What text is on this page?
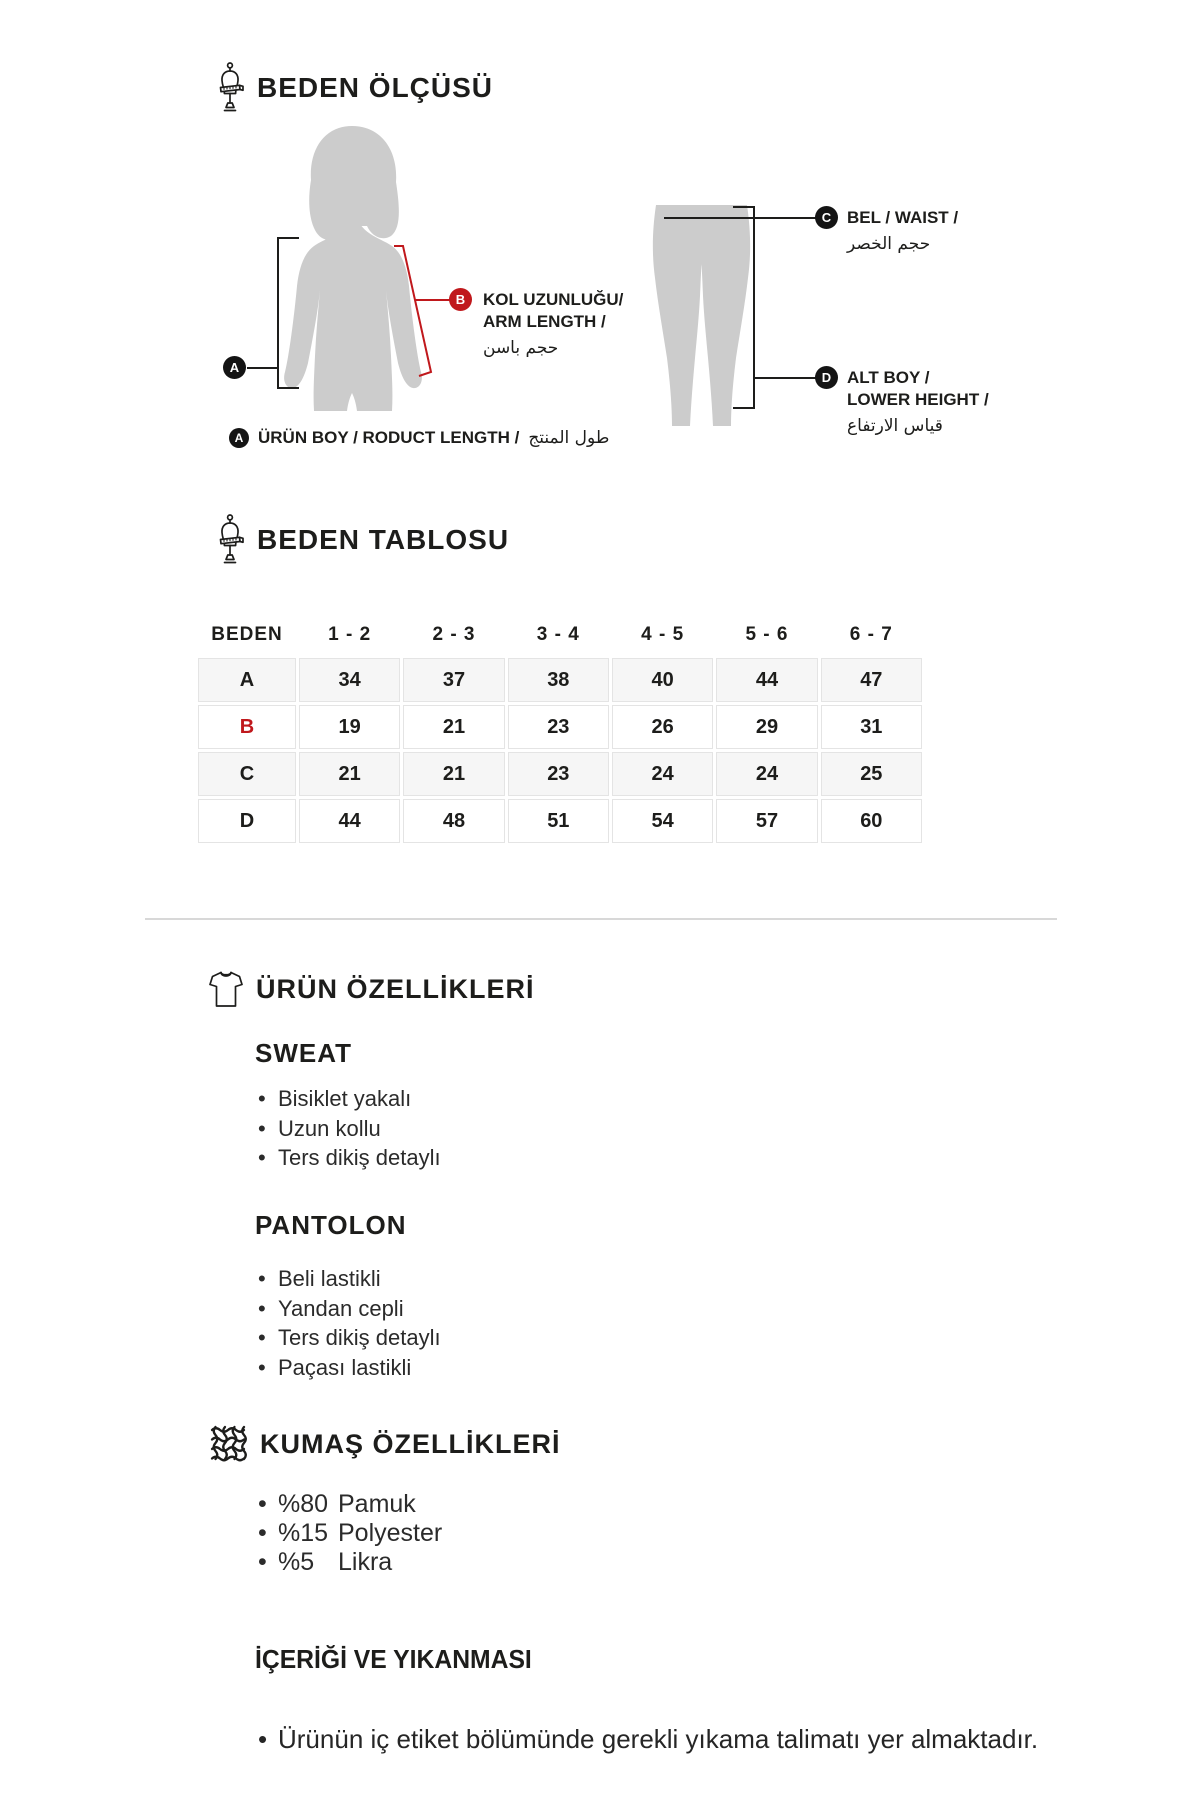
BEDEN ÖLÇÜSÜ
A
B
C
D
KOL UZUNLUĞU/
ARM LENGTH /
حجم باسن
BEL / WAIST /
حجم الخصر
ALT BOY /
LOWER HEIGHT /
قياس الارتفاع
A ÜRÜN BOY / RODUCT LENGTH / طول المنتج
BEDEN TABLOSU
BEDEN	1 - 2	2 - 3	3 - 4	4 - 5	5 - 6	6 - 7
A	34	37	38	40	44	47
B	19	21	23	26	29	31
C	21	21	23	24	24	25
D	44	48	51	54	57	60
ÜRÜN ÖZELLİKLERİ
SWEAT
• Bisiklet yakalı
• Uzun kollu
• Ters dikiş detaylı
PANTOLON
• Beli lastikli
• Yandan cepli
• Ters dikiş detaylı
• Paçası lastikli
KUMAŞ ÖZELLİKLERİ
• %80 Pamuk
• %15 Polyester
• %5 Likra
İÇERİĞİ VE YIKANMASI
• Ürünün iç etiket bölümünde gerekli yıkama talimatı yer almaktadır.
